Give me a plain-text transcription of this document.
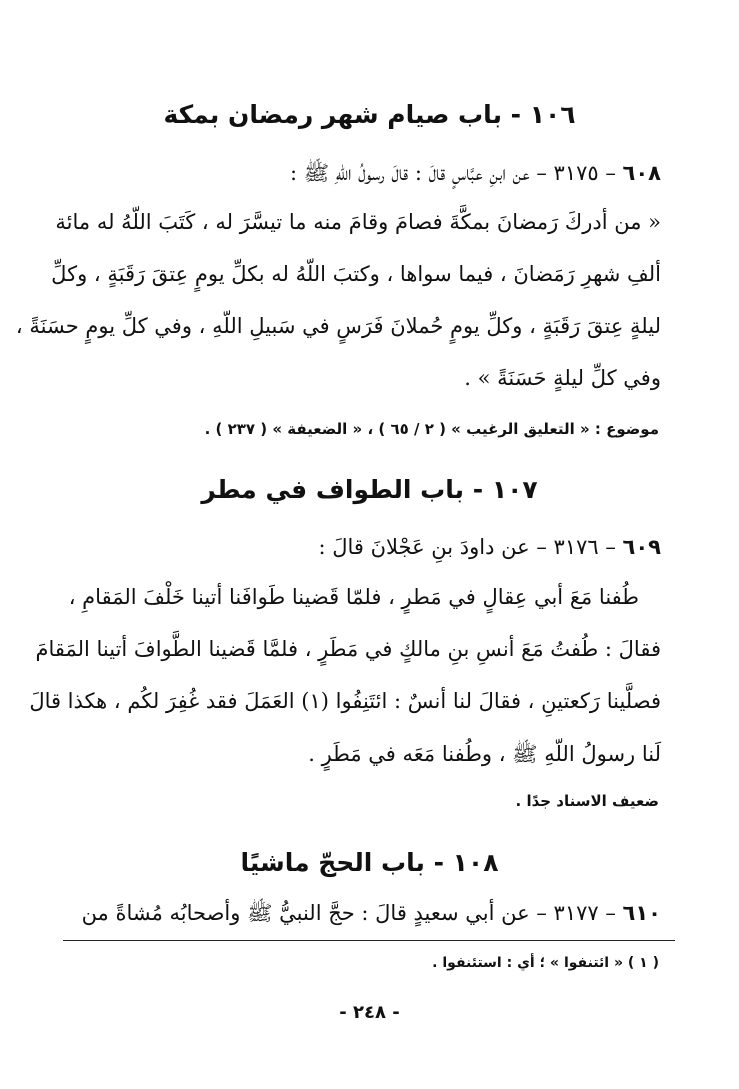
١٠٦ - باب صيام شهر رمضان بمكة
٦٠٨ – ٣١٧٥ – عن ابنِ عبَّاسٍ قالَ : قالَ رسولُ اللّهِ ﷺ :
« من أدركَ رَمضانَ بمكَّةَ فصامَ وقامَ منه ما تيسَّرَ له ، كَتَبَ اللّهُ له مائة
ألفِ شهرِ رَمَضانَ ، فيما سواها ، وكتبَ اللّهُ له بكلِّ يومٍ عِتقَ رَقَبَةٍ ، وكلِّ
ليلةٍ عِتقَ رَقَبَةٍ ، وكلِّ يومٍ حُملانَ فَرَسٍ في سَبيلِ اللّهِ ، وفي كلِّ يومٍ حسَنَةً ،
وفي كلِّ ليلةٍ حَسَنَةً » .
موضوع : « التعليق الرغيب » ( ٢ / ٦٥ ) ، « الضعيفة » ( ٢٣٧ ) .
١٠٧ - باب الطواف في مطر
٦٠٩ – ٣١٧٦ – عن داودَ بنِ عَجْلانَ قالَ :
طُفنا مَعَ أبي عِقالٍ في مَطرٍ ، فلمّا قَضينا طَوافَنا أتينا خَلْفَ المَقامِ ،
فقالَ : طُفتُ مَعَ أنسِ بنِ مالكٍ في مَطَرٍ ، فلمَّا قَضينا الطَّوافَ أتينا المَقامَ
فصلَّينا رَكعتينِ ، فقالَ لنا أنسٌ : ائتَنِفُوا (١) العَمَلَ فقد غُفِرَ لكُم ، هكذا قالَ
لَنا رسولُ اللّهِ ﷺ ، وطُفنا مَعَه في مَطَرٍ .
ضعيف الاسناد جدًا .
١٠٨ - باب الحجّ ماشيًا
٦١٠ – ٣١٧٧ – عن أبي سعيدٍ قالَ : حجَّ النبيُّ ﷺ وأصحابُه مُشاةً من
( ١ ) « ائتنفوا » ؛ أي : استئنفوا .
- ٢٤٨ -
